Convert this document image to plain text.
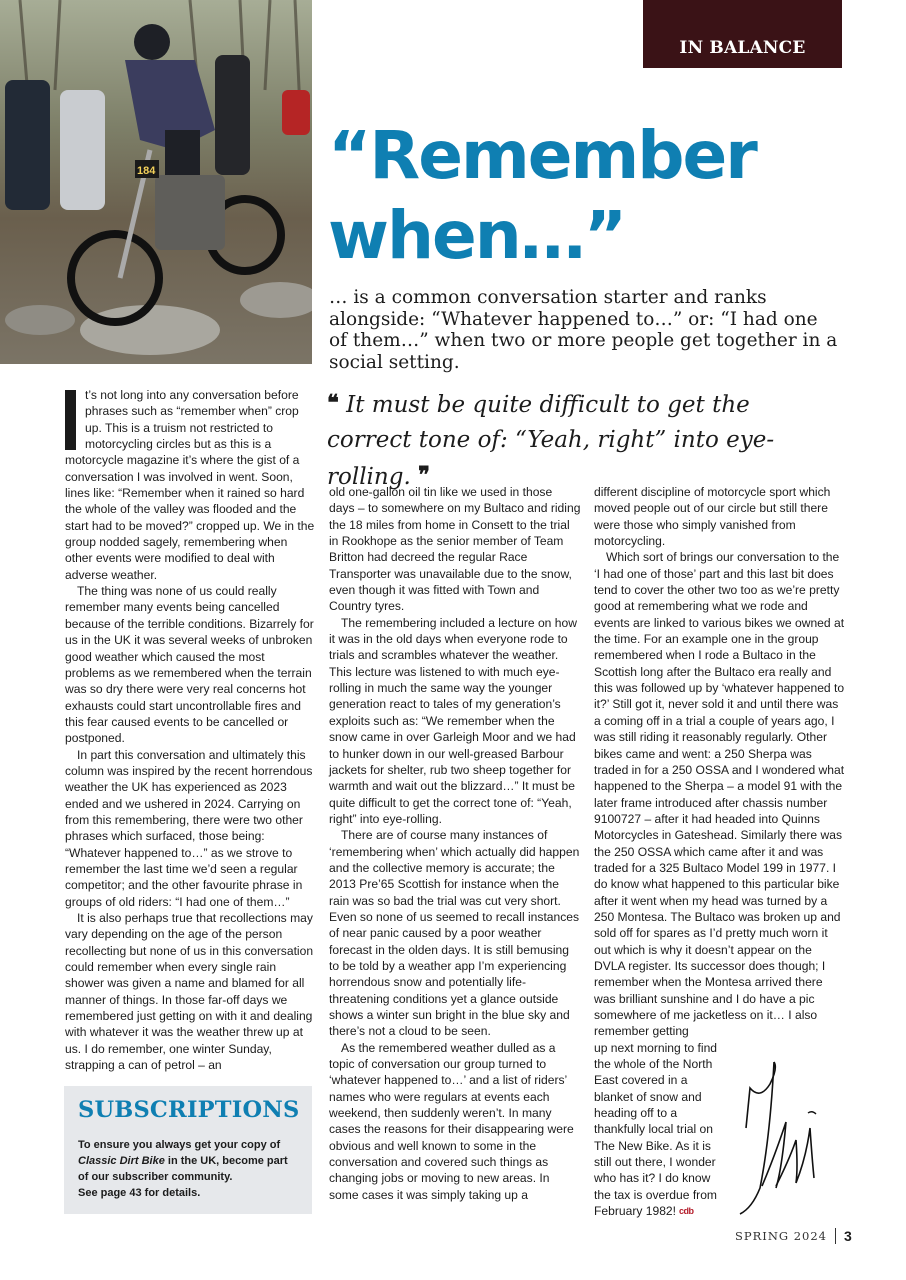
184
IN BALANCE
“Remember
when…”

… is a common conversation starter and ranks alongside: “Whatever happened to…” or: “I had one of them…” when two or more people get together in a social setting.

❝ It must be quite difficult to get the correct tone of: “Yeah, right” into eye-rolling. ❞

t’s not long into any conversation before phrases such as “remember when” crop up. This is a truism not restricted to motorcycling circles but as this is a motorcycle magazine it’s where the gist of a conversation I was involved in went. Soon, lines like: “Remember when it rained so hard the whole of the valley was flooded and the start had to be moved?” cropped up. We in the group nodded sagely, remembering when other events were modified to deal with adverse weather.

The thing was none of us could really remember many events being cancelled because of the terrible conditions. Bizarrely for us in the UK it was several weeks of unbroken good weather which caused the most problems as we remembered when the terrain was so dry there were very real concerns hot exhausts could start uncontrollable fires and this fear caused events to be cancelled or postponed.

In part this conversation and ultimately this column was inspired by the recent horrendous weather the UK has experienced as 2023 ended and we ushered in 2024. Carrying on from this remembering, there were two other phrases which surfaced, those being: “Whatever happened to…” as we strove to remember the last time we’d seen a regular competitor; and the other favourite phrase in groups of old riders: “I had one of them…”

It is also perhaps true that recollections may vary depending on the age of the person recollecting but none of us in this conversation could remember when every single rain shower was given a name and blamed for all manner of things. In those far-off days we remembered just getting on with it and dealing with whatever it was the weather threw up at us. I do remember, one winter Sunday, strapping a can of petrol – an

old one-gallon oil tin like we used in those days – to somewhere on my Bultaco and riding the 18 miles from home in Consett to the trial in Rookhope as the senior member of Team Britton had decreed the regular Race Transporter was unavailable due to the snow, even though it was fitted with Town and Country tyres.

The remembering included a lecture on how it was in the old days when everyone rode to trials and scrambles whatever the weather. This lecture was listened to with much eye-rolling in much the same way the younger generation react to tales of my generation’s exploits such as: “We remember when the snow came in over Garleigh Moor and we had to hunker down in our well-greased Barbour jackets for shelter, rub two sheep together for warmth and wait out the blizzard…” It must be quite difficult to get the correct tone of: “Yeah, right” into eye-rolling.

There are of course many instances of ‘remembering when’ which actually did happen and the collective memory is accurate; the 2013 Pre’65 Scottish for instance when the rain was so bad the trial was cut very short. Even so none of us seemed to recall instances of near panic caused by a poor weather forecast in the olden days. It is still bemusing to be told by a weather app I’m experiencing horrendous snow and potentially life-threatening conditions yet a glance outside shows a winter sun bright in the blue sky and there’s not a cloud to be seen.

As the remembered weather dulled as a topic of conversation our group turned to ‘whatever happened to…’ and a list of riders’ names who were regulars at events each weekend, then suddenly weren’t. In many cases the reasons for their disappearing were obvious and well known to some in the conversation and covered such things as changing jobs or moving to new areas. In some cases it was simply taking up a

different discipline of motorcycle sport which moved people out of our circle but still there were those who simply vanished from motorcycling.

Which sort of brings our conversation to the ‘I had one of those’ part and this last bit does tend to cover the other two too as we’re pretty good at remembering what we rode and events are linked to various bikes we owned at the time. For an example one in the group remembered when I rode a Bultaco in the Scottish long after the Bultaco era really and this was followed up by ‘whatever happened to it?’ Still got it, never sold it and until there was a coming off in a trial a couple of years ago, I was still riding it reasonably regularly. Other bikes came and went: a 250 Sherpa was traded in for a 250 OSSA and I wondered what happened to the Sherpa – a model 91 with the later frame introduced after chassis number 9100727 – after it had headed into Quinns Motorcycles in Gateshead. Similarly there was the 250 OSSA which came after it and was traded for a 325 Bultaco Model 199 in 1977. I do know what happened to this particular bike after it went when my head was turned by a 250 Montesa. The Bultaco was broken up and sold off for spares as I’d pretty much worn it out which is why it doesn’t appear on the DVLA register. Its successor does though; I remember when the Montesa arrived there was brilliant sunshine and I do have a pic somewhere of me jacketless on it… I also remember getting

up next morning to find the whole of the North East covered in a blanket of snow and heading off to a thankfully local trial on The New Bike. As it is still out there, I wonder who has it? I do know the tax is overdue from February 1982! cdb

SUBSCRIPTIONS
To ensure you always get your copy of
Classic Dirt Bike in the UK, become part of our subscriber community.
See page 43 for details.
SPRING 2024 3
